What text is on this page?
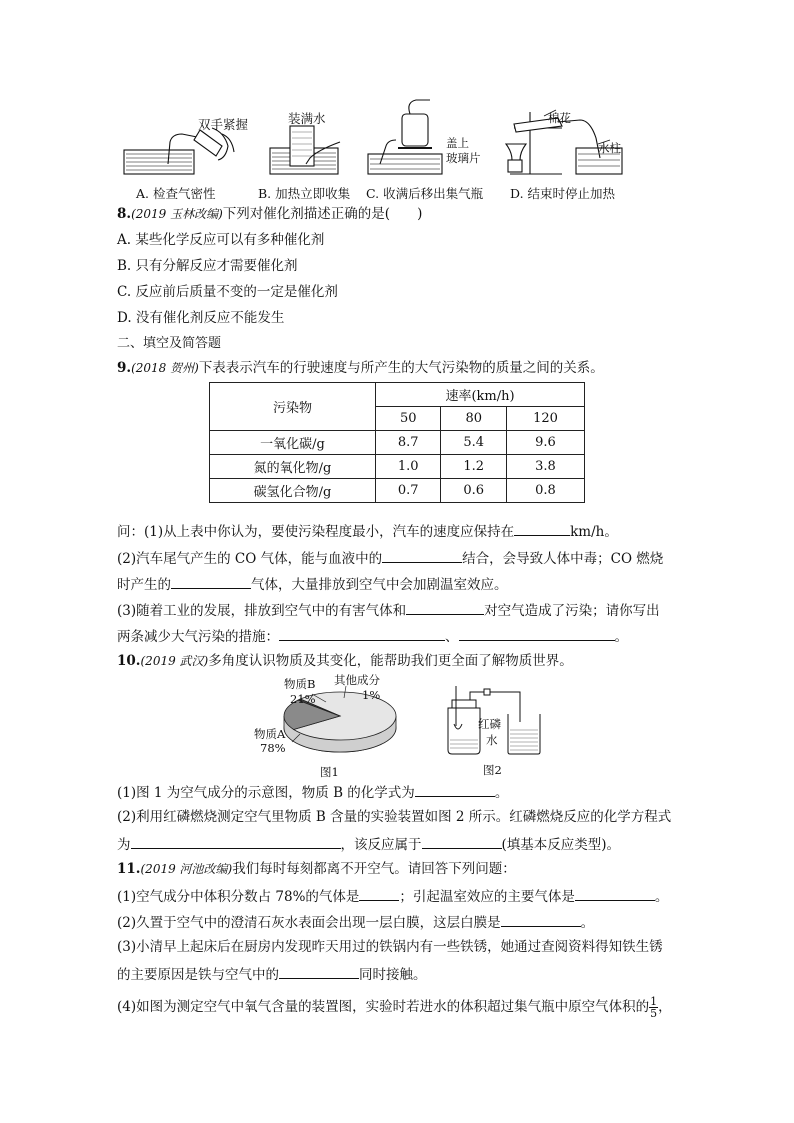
双手紧握	装满水
盖上
玻璃片
棉花
水柱
A. 检查气密性	B. 加热立即收集 C. 收满后移出集气瓶 D. 结束时停止加热
8.(2019 玉林改编)下列对催化剂描述正确的是(　　)
A. 某些化学反应可以有多种催化剂
B. 只有分解反应才需要催化剂
C. 反应前后质量不变的一定是催化剂
D. 没有催化剂反应不能发生
二、填空及简答题
9.(2018 贺州)下表表示汽车的行驶速度与所产生的大气污染物的质量之间的关系。
污染物	速率(km/h)		
	50	80	120
一氧化碳/g	8.7	5.4	9.6
氮的氧化物/g	1.0	1.2	3.8
碳氢化合物/g	0.7	0.6	0.8
问：(1)从上表中你认为，要使污染程度最小，汽车的速度应保持在	km/h。
(2)汽车尾气产生的 CO 气体，能与血液中的	结合，会导致人体中毒；CO 燃烧
时产生的	气体，大量排放到空气中会加剧温室效应。
(3)随着工业的发展，排放到空气中的有害气体和	对空气造成了污染；请你写出
两条减少大气污染的措施：	、	。
10.(2019 武汉)多角度认识物质及其变化，能帮助我们更全面了解物质世界。
物质B
21%
其他成分
1%
物质A
78%
图1
红磷
水
图2
(1)图 1 为空气成分的示意图，物质 B 的化学式为	。
(2)利用红磷燃烧测定空气里物质 B 含量的实验装置如图 2 所示。红磷燃烧反应的化学方程式
为	，该反应属于	(填基本反应类型)。
11.(2019 河池改编)我们每时每刻都离不开空气。请回答下列问题：
(1)空气成分中体积分数占 78%的气体是	；引起温室效应的主要气体是	。
(2)久置于空气中的澄清石灰水表面会出现一层白膜，这层白膜是	。
(3)小清早上起床后在厨房内发现昨天用过的铁锅内有一些铁锈，她通过查阅资料得知铁生锈
的主要原因是铁与空气中的	同时接触。
(4)如图为测定空气中氧气含量的装置图，实验时若进水的体积超过集气瓶中原空气体积的 $\frac{1}{5}$ ，
